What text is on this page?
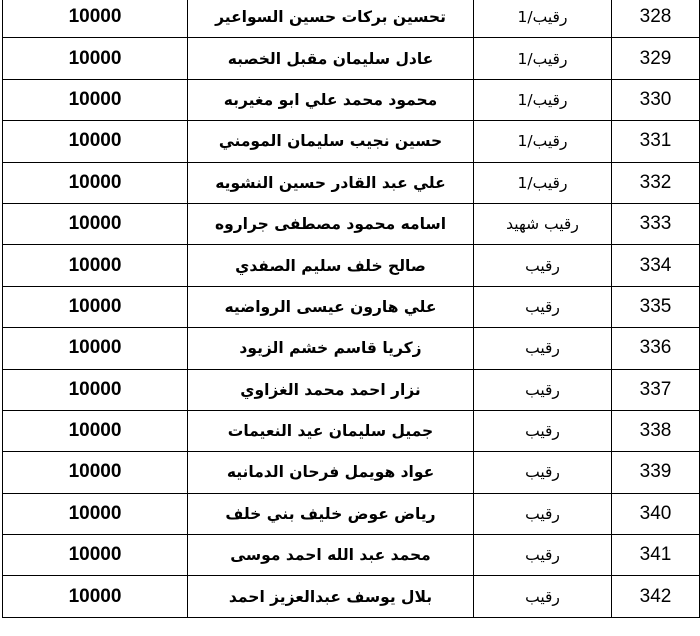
10000	تحسين بركات حسين السواعير	رقيب/1	328
10000	عادل سليمان مقبل الخصبه	رقيب/1	329
10000	محمود محمد علي ابو مغيربه	رقيب/1	330
10000	حسين نجيب سليمان المومني	رقيب/1	331
10000	علي عبد القادر حسين النشويه	رقيب/1	332
10000	اسامه محمود مصطفى جراروه	رقيب شهيد	333
10000	صالح خلف سليم الصفدي	رقيب	334
10000	علي هارون عيسى الرواضيه	رقيب	335
10000	زكريا قاسم خشم الزيود	رقيب	336
10000	نزار احمد محمد الغزاوي	رقيب	337
10000	جميل سليمان عيد النعيمات	رقيب	338
10000	عواد هويمل فرحان الدمانيه	رقيب	339
10000	رياض عوض خليف بني خلف	رقيب	340
10000	محمد عبد الله احمد موسى	رقيب	341
10000	بلال يوسف عبدالعزيز احمد	رقيب	342
